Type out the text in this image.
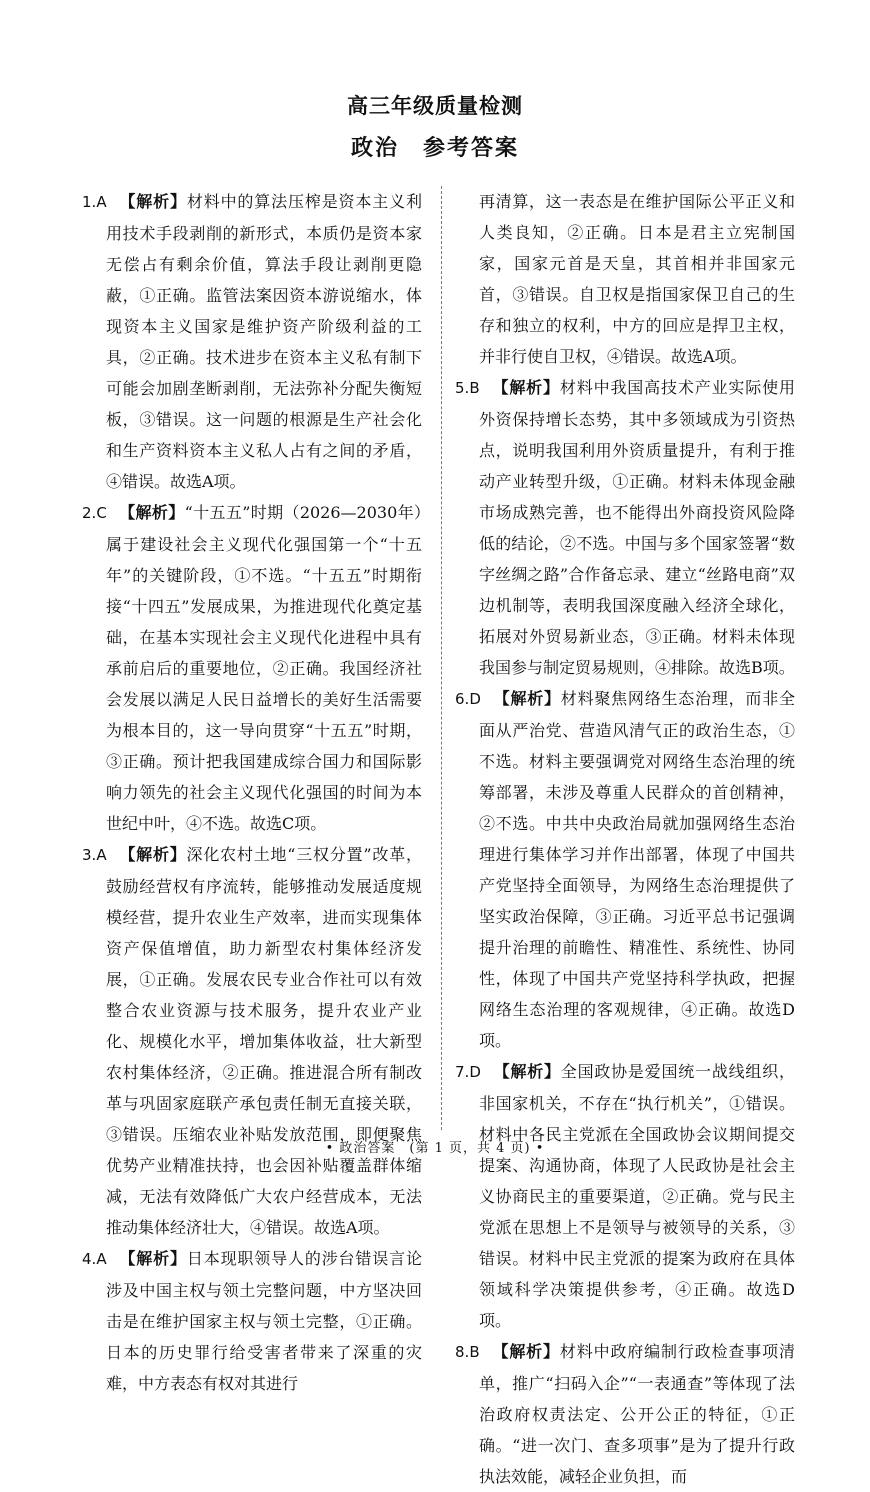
高三年级质量检测
政治　参考答案

1.A 【解析】材料中的算法压榨是资本主义利用技术手段剥削的新形式，本质仍是资本家无偿占有剩余价值，算法手段让剥削更隐蔽，①正确。监管法案因资本游说缩水，体现资本主义国家是维护资产阶级利益的工具，②正确。技术进步在资本主义私有制下可能会加剧垄断剥削，无法弥补分配失衡短板，③错误。这一问题的根源是生产社会化和生产资料资本主义私人占有之间的矛盾，④错误。故选A项。

2.C 【解析】“十五五”时期（2026—2030年）属于建设社会主义现代化强国第一个“十五年”的关键阶段，①不选。“十五五”时期衔接“十四五”发展成果，为推进现代化奠定基础，在基本实现社会主义现代化进程中具有承前启后的重要地位，②正确。我国经济社会发展以满足人民日益增长的美好生活需要为根本目的，这一导向贯穿“十五五”时期，③正确。预计把我国建成综合国力和国际影响力领先的社会主义现代化强国的时间为本世纪中叶，④不选。故选C项。

3.A 【解析】深化农村土地“三权分置”改革，鼓励经营权有序流转，能够推动发展适度规模经营，提升农业生产效率，进而实现集体资产保值增值，助力新型农村集体经济发展，①正确。发展农民专业合作社可以有效整合农业资源与技术服务，提升农业产业化、规模化水平，增加集体收益，壮大新型农村集体经济，②正确。推进混合所有制改革与巩固家庭联产承包责任制无直接关联，③错误。压缩农业补贴发放范围，即便聚焦优势产业精准扶持，也会因补贴覆盖群体缩减，无法有效降低广大农户经营成本，无法推动集体经济壮大，④错误。故选A项。

4.A 【解析】日本现职领导人的涉台错误言论涉及中国主权与领土完整问题，中方坚决回击是在维护国家主权与领土完整，①正确。日本的历史罪行给受害者带来了深重的灾难，中方表态有权对其进行

再清算，这一表态是在维护国际公平正义和人类良知，②正确。日本是君主立宪制国家，国家元首是天皇，其首相并非国家元首，③错误。自卫权是指国家保卫自己的生存和独立的权利，中方的回应是捍卫主权，并非行使自卫权，④错误。故选A项。

5.B 【解析】材料中我国高技术产业实际使用外资保持增长态势，其中多领域成为引资热点，说明我国利用外资质量提升，有利于推动产业转型升级，①正确。材料未体现金融市场成熟完善，也不能得出外商投资风险降低的结论，②不选。中国与多个国家签署“数字丝绸之路”合作备忘录、建立“丝路电商”双边机制等，表明我国深度融入经济全球化，拓展对外贸易新业态，③正确。材料未体现我国参与制定贸易规则，④排除。故选B项。

6.D 【解析】材料聚焦网络生态治理，而非全面从严治党、营造风清气正的政治生态，①不选。材料主要强调党对网络生态治理的统筹部署，未涉及尊重人民群众的首创精神，②不选。中共中央政治局就加强网络生态治理进行集体学习并作出部署，体现了中国共产党坚持全面领导，为网络生态治理提供了坚实政治保障，③正确。习近平总书记强调提升治理的前瞻性、精准性、系统性、协同性，体现了中国共产党坚持科学执政，把握网络生态治理的客观规律，④正确。故选D项。

7.D 【解析】全国政协是爱国统一战线组织，非国家机关，不存在“执行机关”，①错误。材料中各民主党派在全国政协会议期间提交提案、沟通协商，体现了人民政协是社会主义协商民主的重要渠道，②正确。党与民主党派在思想上不是领导与被领导的关系，③错误。材料中民主党派的提案为政府在具体领域科学决策提供参考，④正确。故选D项。

8.B 【解析】材料中政府编制行政检查事项清单，推广“扫码入企”“一表通查”等体现了法治政府权责法定、公开公正的特征，①正确。“进一次门、查多项事”是为了提升行政执法效能，减轻企业负担，而

• 政治答案　(第 1 页，共 4 页) •
